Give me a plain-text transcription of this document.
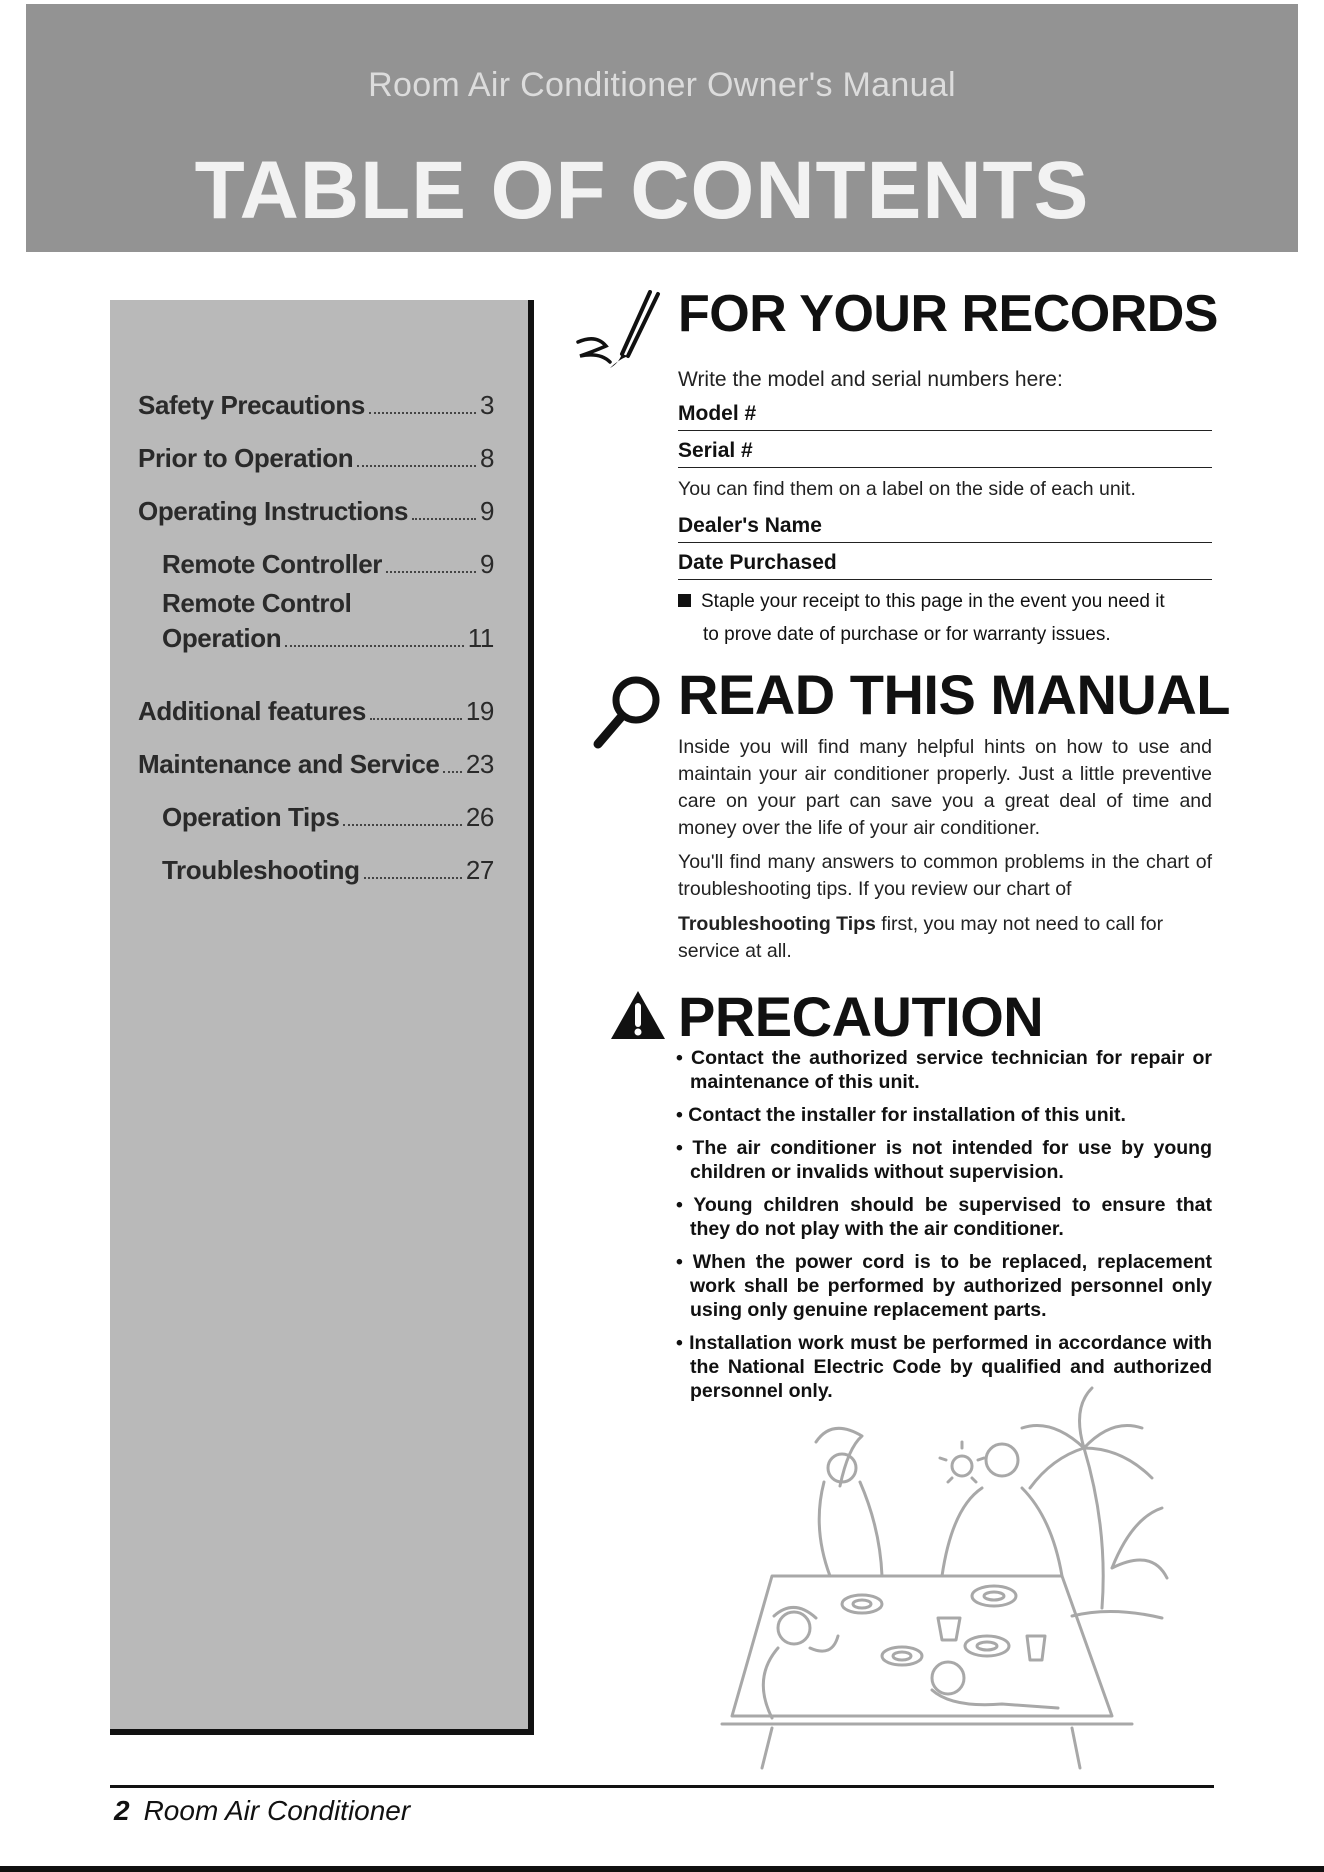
Room Air Conditioner Owner's Manual
TABLE OF CONTENTS
Safety Precautions	3
Prior to Operation	8
Operating Instructions	9
Remote Controller	9
Remote Control
Operation	11
Additional features	19
Maintenance and Service 23
Operation Tips	26
Troubleshooting	27
FOR YOUR RECORDS
Write the model and serial numbers here:
Model #
Serial #
You can find them on a label on the side of each unit.
Dealer's Name
Date Purchased
Staple your receipt to this page in the event you need it
to prove date of purchase or for warranty issues.
READ THIS MANUAL
Inside you will find many helpful hints on how to use and maintain your air conditioner properly. Just a little preventive care on your part can save you a great deal of time and money over the life of your air conditioner.
You'll find many answers to common problems in the chart of troubleshooting tips. If you review our chart of
Troubleshooting Tips first, you may not need to call for service at all.
PRECAUTION
• Contact the authorized service technician for repair or maintenance of this unit.
• Contact the installer for installation of this unit.
• The air conditioner is not intended for use by young children or invalids without supervision.
• Young children should be supervised to ensure that they do not play with the air conditioner.
• When the power cord is to be replaced, replacement work shall be performed by authorized personnel only using only genuine replacement parts.
• Installation work must be performed in accordance with the National Electric Code by qualified and authorized personnel only.
2 Room Air Conditioner
